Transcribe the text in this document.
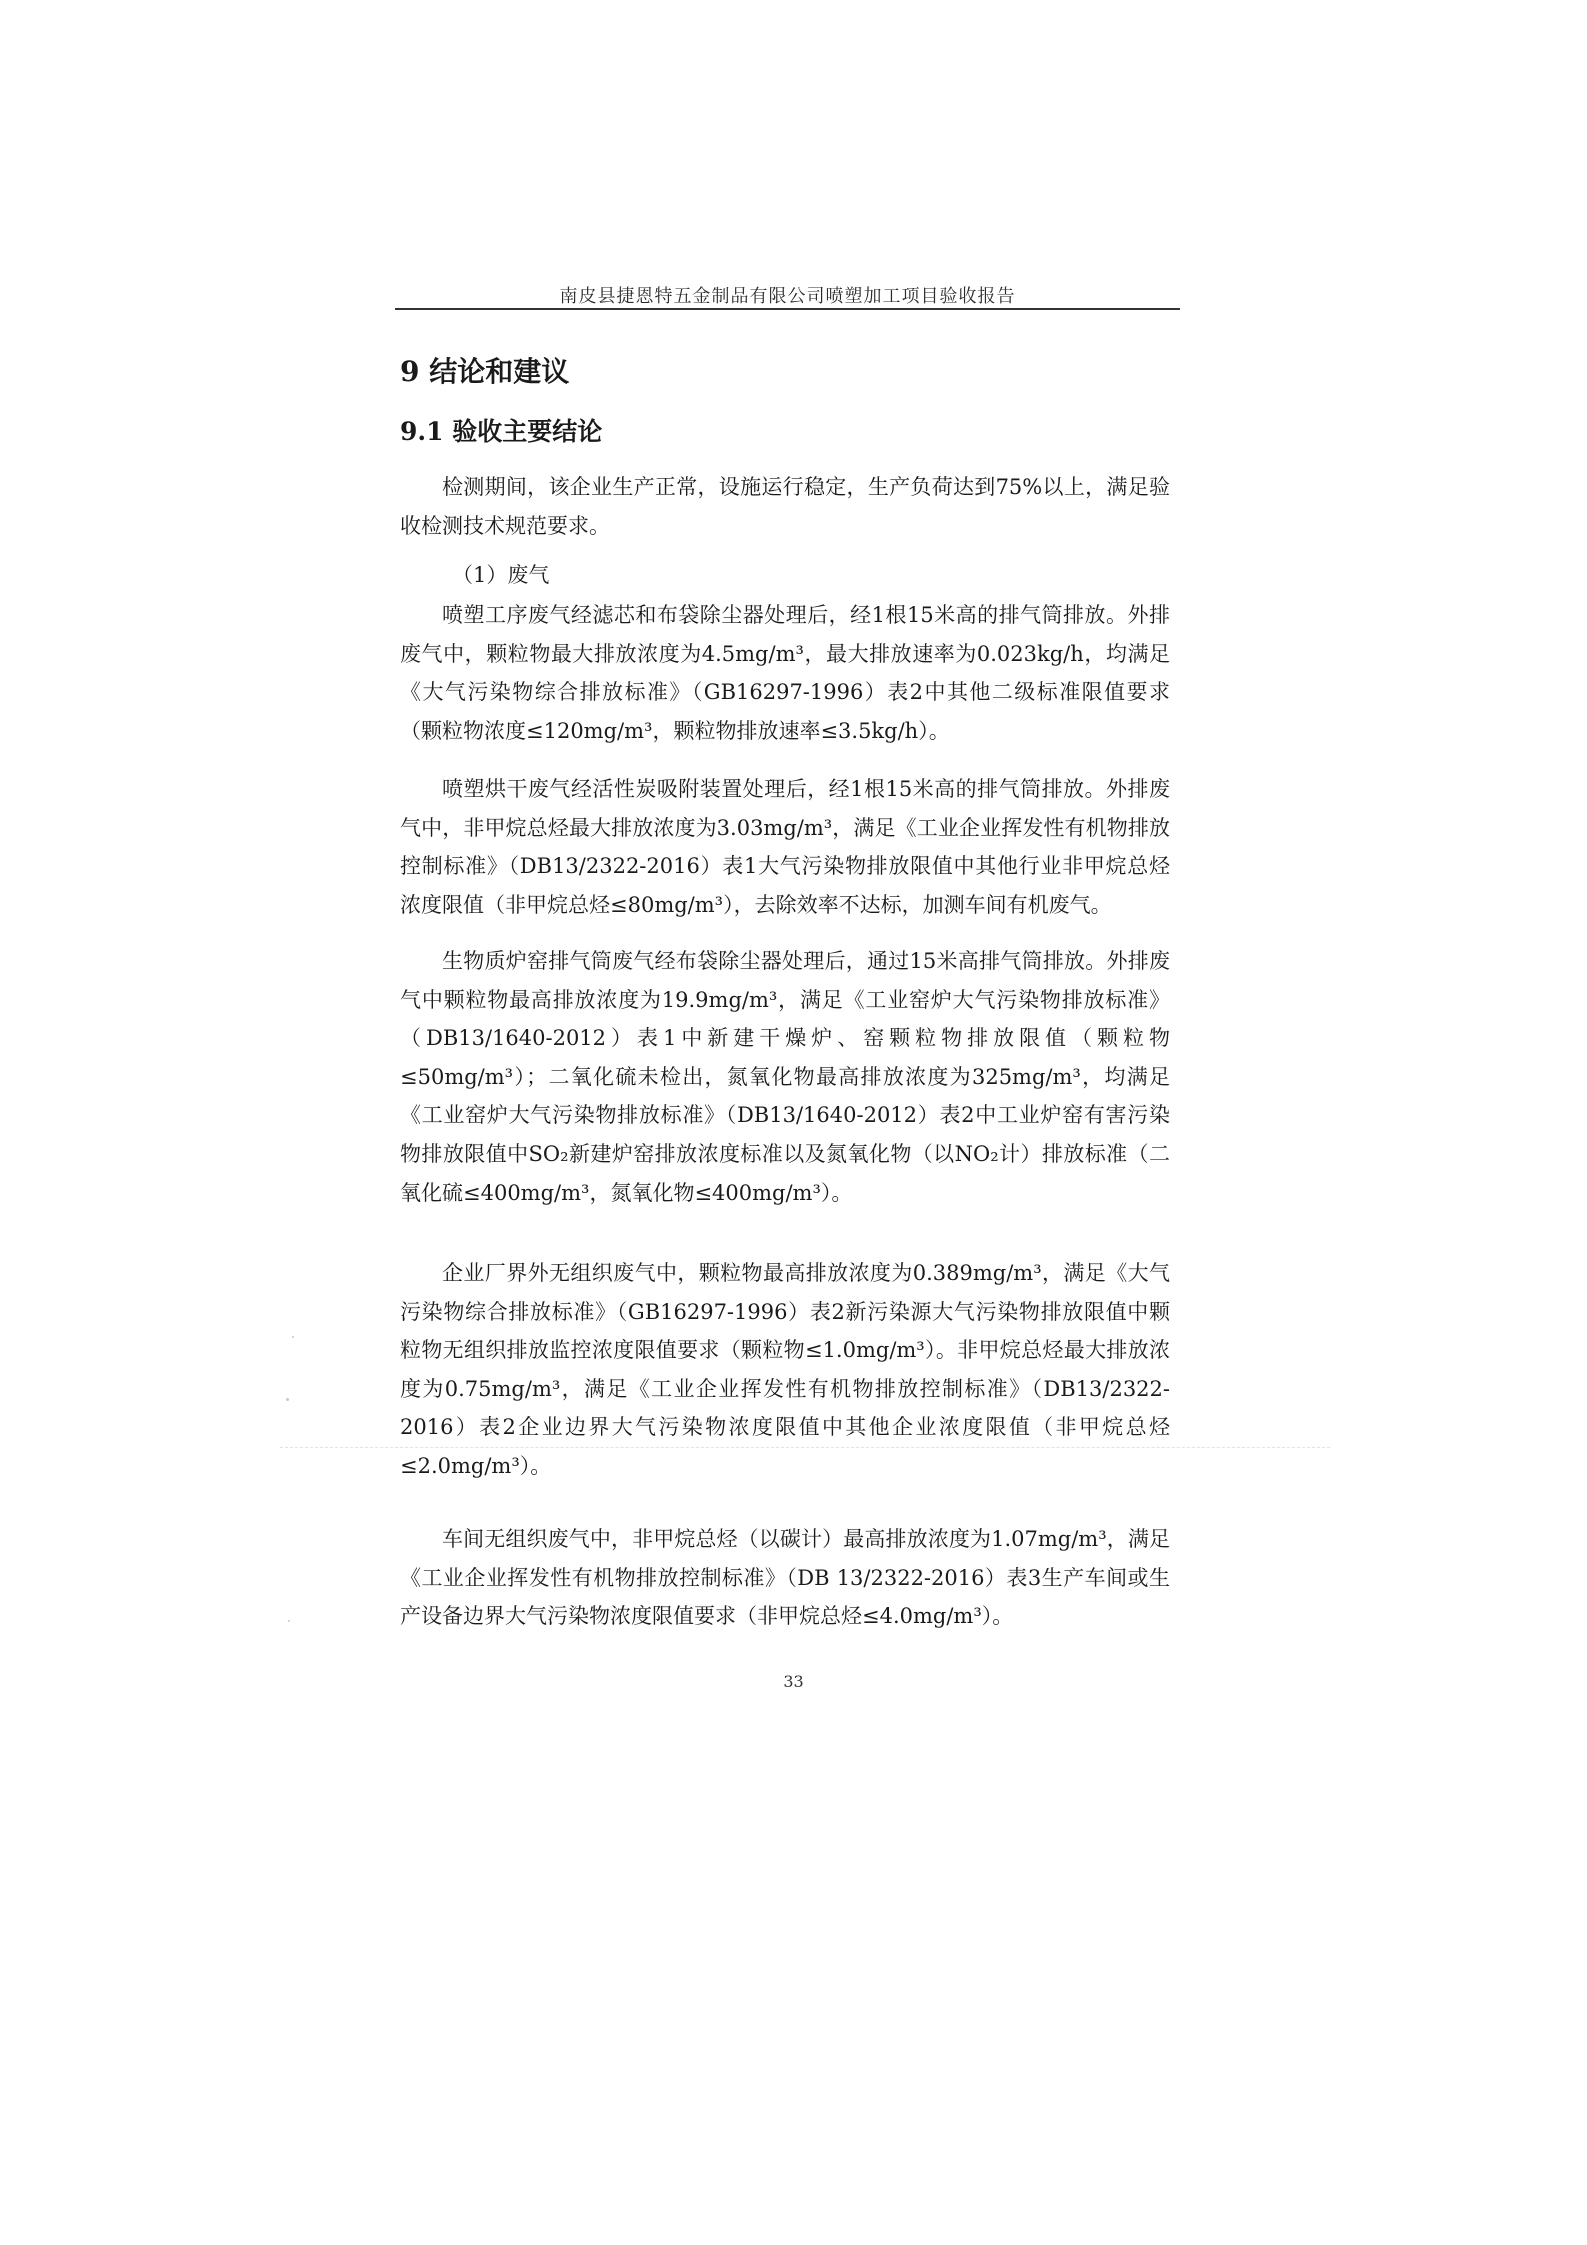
南皮县捷恩特五金制品有限公司喷塑加工项目验收报告
9 结论和建议
9.1 验收主要结论

检测期间，该企业生产正常，设施运行稳定，生产负荷达到75%以上，满足验收检测技术规范要求。

（1）废气

喷塑工序废气经滤芯和布袋除尘器处理后，经1根15米高的排气筒排放。外排废气中，颗粒物最大排放浓度为4.5mg/m³，最大排放速率为0.023kg/h，均满足《大气污染物综合排放标准》（GB16297-1996）表2中其他二级标准限值要求（颗粒物浓度≤120mg/m³，颗粒物排放速率≤3.5kg/h）。

喷塑烘干废气经活性炭吸附装置处理后，经1根15米高的排气筒排放。外排废气中，非甲烷总烃最大排放浓度为3.03mg/m³，满足《工业企业挥发性有机物排放控制标准》（DB13/2322-2016）表1大气污染物排放限值中其他行业非甲烷总烃浓度限值（非甲烷总烃≤80mg/m³），去除效率不达标，加测车间有机废气。

生物质炉窑排气筒废气经布袋除尘器处理后，通过15米高排气筒排放。外排废气中颗粒物最高排放浓度为19.9mg/m³，满足《工业窑炉大气污染物排放标准》（DB13/1640-2012）表1中新建干燥炉、窑颗粒物排放限值（颗粒物≤50mg/m³）；二氧化硫未检出，氮氧化物最高排放浓度为325mg/m³，均满足《工业窑炉大气污染物排放标准》（DB13/1640-2012）表2中工业炉窑有害污染物排放限值中SO₂新建炉窑排放浓度标准以及氮氧化物（以NO₂计）排放标准（二氧化硫≤400mg/m³，氮氧化物≤400mg/m³）。

企业厂界外无组织废气中，颗粒物最高排放浓度为0.389mg/m³，满足《大气污染物综合排放标准》（GB16297-1996）表2新污染源大气污染物排放限值中颗粒物无组织排放监控浓度限值要求（颗粒物≤1.0mg/m³）。非甲烷总烃最大排放浓度为0.75mg/m³，满足《工业企业挥发性有机物排放控制标准》（DB13/2322-2016）表2企业边界大气污染物浓度限值中其他企业浓度限值（非甲烷总烃≤2.0mg/m³）。

车间无组织废气中，非甲烷总烃（以碳计）最高排放浓度为1.07mg/m³，满足《工业企业挥发性有机物排放控制标准》（DB 13/2322-2016）表3生产车间或生产设备边界大气污染物浓度限值要求（非甲烷总烃≤4.0mg/m³）。

33
